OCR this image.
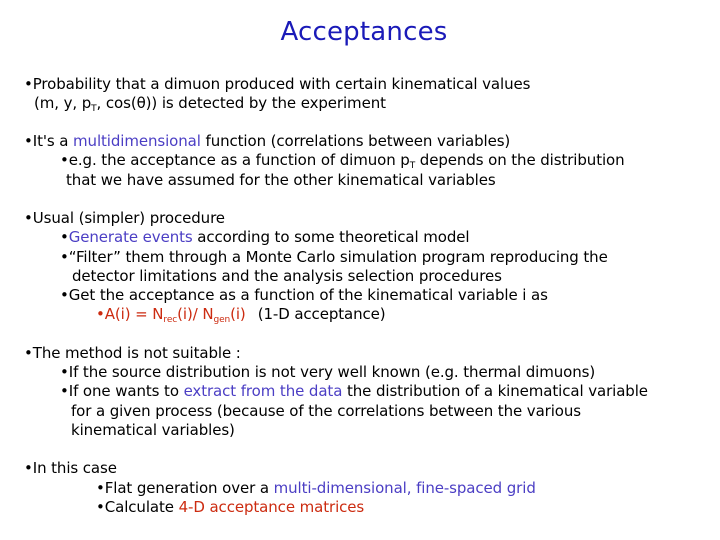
Acceptances
•Probability that a dimuon produced with certain kinematical values
(m, y, $p_T$, cos(θ)) is detected by the experiment
•It's a multidimensional function (correlations between variables)
•e.g. the acceptance as a function of dimuon $p_T$ depends on the distribution
that we have assumed for the other kinematical variables
•Usual (simpler) procedure
•Generate events according to some theoretical model
•“Filter” them through a Monte Carlo simulation program reproducing the
detector limitations and the analysis selection procedures
•Get the acceptance as a function of the kinematical variable i as
•A(i) = $N_{rec}(i)/$ $N_{gen}(i)$ (1-D acceptance)
•The method is not suitable :
•If the source distribution is not very well known (e.g. thermal dimuons)
•If one wants to extract from the data the distribution of a kinematical variable
for a given process (because of the correlations between the various
kinematical variables)
•In this case
•Flat generation over a multi-dimensional, fine-spaced grid
•Calculate 4-D acceptance matrices
